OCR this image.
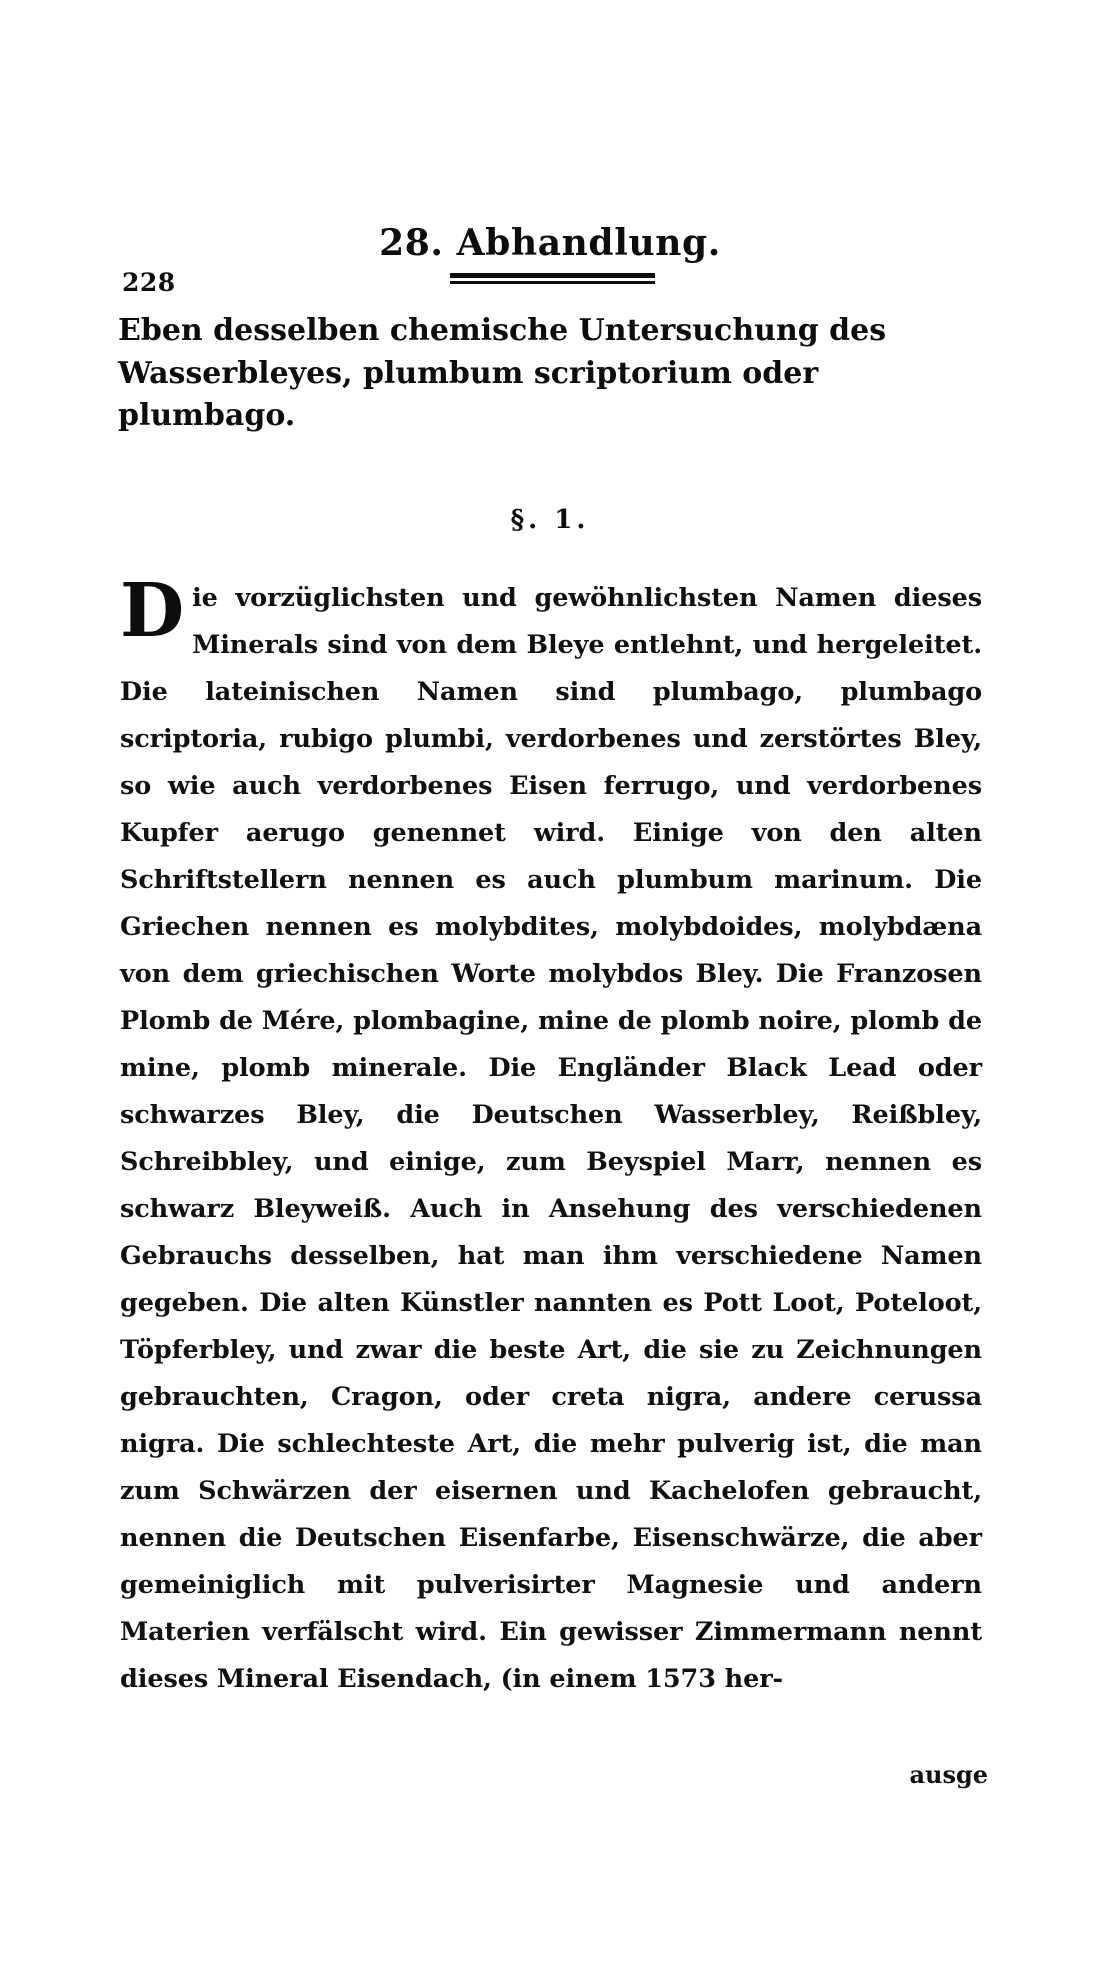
228
28. Abhandlung.
Eben desselben chemische Untersuchung des
Wasserbleyes, plumbum scriptorium oder
plumbago.
§. 1.
Die vorzüglichsten und gewöhnlichsten Namen dieses Minerals sind von dem Bleye entlehnt, und hergeleitet. Die lateinischen Namen sind plumbago, plumbago scriptoria, rubigo plumbi, verdorbenes und zerstörtes Bley, so wie auch verdorbenes Eisen ferrugo, und verdorbenes Kupfer aerugo genennet wird. Einige von den alten Schriftstellern nennen es auch plumbum marinum. Die Griechen nennen es molybdites, molybdoides, molybdæna von dem griechischen Worte molybdos Bley. Die Franzosen Plomb de Mére, plombagine, mine de plomb noire, plomb de mine, plomb minerale. Die Engländer Black Lead oder schwarzes Bley, die Deutschen Wasserbley, Reißbley, Schreibbley, und einige, zum Beyspiel Marr, nennen es schwarz Bleyweiß. Auch in Ansehung des verschiedenen Gebrauchs desselben, hat man ihm verschiedene Namen gegeben. Die alten Künstler nannten es Pott Loot, Poteloot, Töpferbley, und zwar die beste Art, die sie zu Zeichnungen gebrauchten, Cragon, oder creta nigra, andere cerussa nigra. Die schlechteste Art, die mehr pulverig ist, die man zum Schwärzen der eisernen und Kachelofen gebraucht, nennen die Deutschen Eisenfarbe, Eisenschwärze, die aber gemeiniglich mit pulverisirter Magnesie und andern Materien verfälscht wird. Ein gewisser Zimmermann nennt dieses Mineral Eisendach, (in einem 1573 her-
ausge
